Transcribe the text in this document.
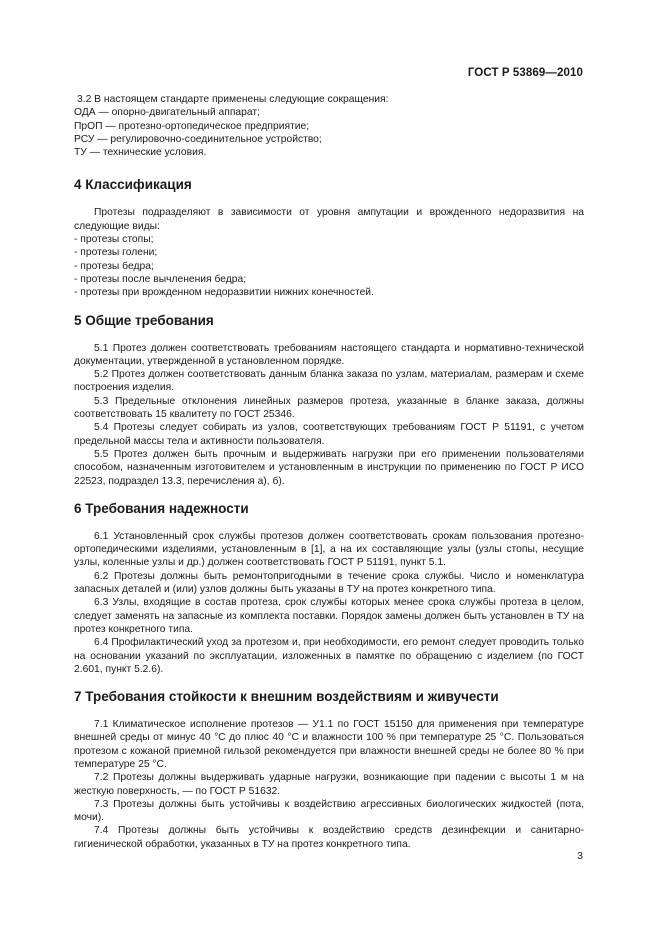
ГОСТ Р 53869—2010
3.2 В настоящем стандарте применены следующие сокращения:
ОДА — опорно-двигательный аппарат;
ПрОП — протезно-ортопедическое предприятие;
РСУ — регулировочно-соединительное устройство;
ТУ — технические условия.
4 Классификация

Протезы подразделяют в зависимости от уровня ампутации и врожденного недоразвития на следующие виды:

- протезы стопы;
- протезы голени;
- протезы бедра;
- протезы после вычленения бедра;
- протезы при врожденном недоразвитии нижних конечностей.
5 Общие требования

5.1 Протез должен соответствовать требованиям настоящего стандарта и нормативно-технической документации, утвержденной в установленном порядке.

5.2 Протез должен соответствовать данным бланка заказа по узлам, материалам, размерам и схеме построения изделия.

5.3 Предельные отклонения линейных размеров протеза, указанные в бланке заказа, должны соответствовать 15 квалитету по ГОСТ 25346.

5.4 Протезы следует собирать из узлов, соответствующих требованиям ГОСТ Р 51191, с учетом предельной массы тела и активности пользователя.

5.5 Протез должен быть прочным и выдерживать нагрузки при его применении пользователями способом, назначенным изготовителем и установленным в инструкции по применению по ГОСТ Р ИСО 22523, подраздел 13.3, перечисления а), б).

6 Требования надежности

6.1 Установленный срок службы протезов должен соответствовать срокам пользования протезно-ортопедическими изделиями, установленным в [1], а на их составляющие узлы (узлы стопы, несущие узлы, коленные узлы и др.) должен соответствовать ГОСТ Р 51191, пункт 5.1.

6.2 Протезы должны быть ремонтопригодными в течение срока службы. Число и номенклатура запасных деталей и (или) узлов должны быть указаны в ТУ на протез конкретного типа.

6.3 Узлы, входящие в состав протеза, срок службы которых менее срока службы протеза в целом, следует заменять на запасные из комплекта поставки. Порядок замены должен быть установлен в ТУ на протез конкретного типа.

6.4 Профилактический уход за протезом и, при необходимости, его ремонт следует проводить только на основании указаний по эксплуатации, изложенных в памятке по обращению с изделием (по ГОСТ 2.601, пункт 5.2.6).

7 Требования стойкости к внешним воздействиям и живучести

7.1 Климатическое исполнение протезов — У1.1 по ГОСТ 15150 для применения при температуре внешней среды от минус 40 °С до плюс 40 °С и влажности 100 % при температуре 25 °С. Пользоваться протезом с кожаной приемной гильзой рекомендуется при влажности внешней среды не более 80 % при температуре 25 °С.

7.2 Протезы должны выдерживать ударные нагрузки, возникающие при падении с высоты 1 м на жесткую поверхность, — по ГОСТ Р 51632.

7.3 Протезы должны быть устойчивы к воздействию агрессивных биологических жидкостей (пота, мочи).

7.4 Протезы должны быть устойчивы к воздействию средств дезинфекции и санитарно-гигиенической обработки, указанных в ТУ на протез конкретного типа.

3
